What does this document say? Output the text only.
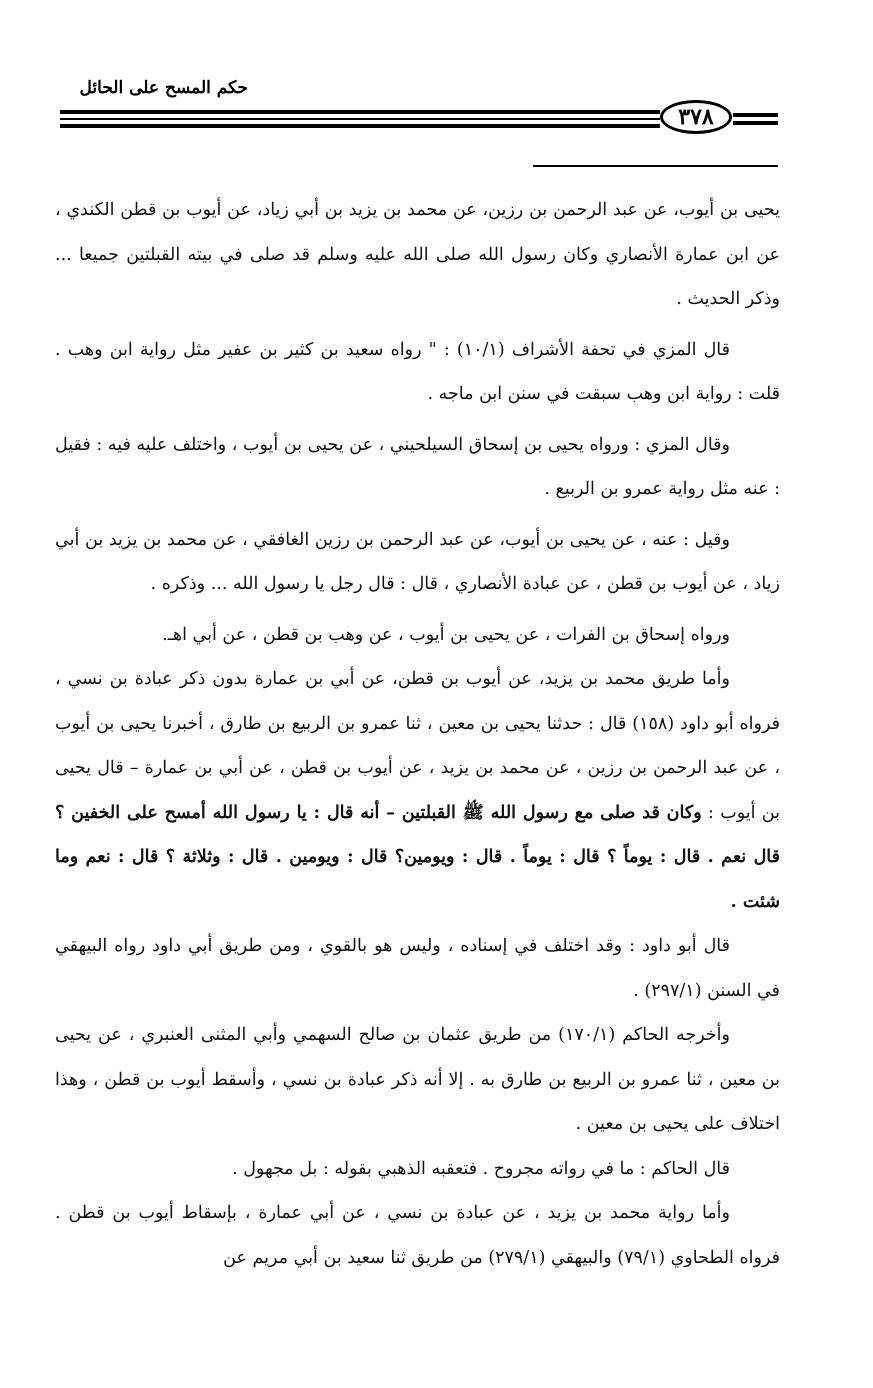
حكم المسح على الحائل
٣٧٨

يحيى بن أيوب، عن عبد الرحمن بن رزين، عن محمد بن يزيد بن أبي زياد، عن أيوب بن قطن الكندي ، عن ابن عمارة الأنصاري وكان رسول الله صلى الله عليه وسلم قد صلى في بيته القبلتين جميعا ... وذكر الحديث .

قال المزي في تحفة الأشراف (١٠/١) : " رواه سعيد بن كثير بن عفير مثل رواية ابن وهب . قلت : رواية ابن وهب سبقت في سنن ابن ماجه .

وقال المزي : ورواه يحيى بن إسحاق السيلحيني ، عن يحيى بن أيوب ، واختلف عليه فيه : فقيل : عنه مثل رواية عمرو بن الربيع .

وقيل : عنه ، عن يحيى بن أيوب، عن عبد الرحمن بن رزين الغافقي ، عن محمد بن يزيد بن أبي زياد ، عن أيوب بن قطن ، عن عبادة الأنصاري ، قال : قال رجل يا رسول الله ... وذكره .

ورواه إسحاق بن الفرات ، عن يحيى بن أيوب ، عن وهب بن قطن ، عن أبي اهـ.

وأما طريق محمد بن يزيد، عن أيوب بن قطن، عن أبي بن عمارة بدون ذكر عبادة بن نسي ، فرواه أبو داود (١٥٨) قال : حدثنا يحيى بن معين ، ثنا عمرو بن الربيع بن طارق ، أخبرنا يحيى بن أيوب ، عن عبد الرحمن بن رزين ، عن محمد بن يزيد ، عن أيوب بن قطن ، عن أبي بن عمارة – قال يحيى بن أيوب : وكان قد صلى مع رسول الله ﷺ القبلتين – أنه قال : يا رسول الله أمسح على الخفين ؟ قال نعم . قال : يوماً ؟ قال : يوماً . قال : ويومين؟ قال : ويومين . قال : وثلاثة ؟ قال : نعم وما شئت .

قال أبو داود : وقد اختلف في إسناده ، وليس هو بالقوي ، ومن طريق أبي داود رواه البيهقي في السنن (٢٩٧/١) .

وأخرجه الحاكم (١٧٠/١) من طريق عثمان بن صالح السهمي وأبي المثنى العنبري ، عن يحيى بن معين ، ثنا عمرو بن الربيع بن طارق به . إلا أنه ذكر عبادة بن نسي ، وأسقط أيوب بن قطن ، وهذا اختلاف على يحيى بن معين .

قال الحاكم : ما في رواته مجروح . فتعقبه الذهبي بقوله : بل مجهول .

وأما رواية محمد بن يزيد ، عن عبادة بن نسي ، عن أبي عمارة ، بإسقاط أيوب بن قطن . فرواه الطحاوي (٧٩/١) والبيهقي (٢٧٩/١) من طريق ثنا سعيد بن أبي مريم عن
